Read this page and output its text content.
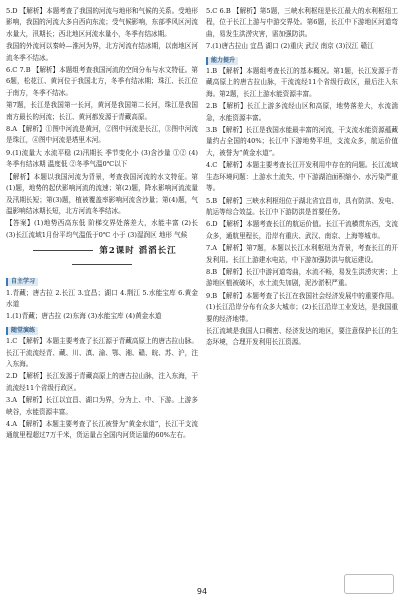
5.D 【解析】本题考查了我国的河流与地形和气候的关系。受地形影响，我国的河流大多自西向东流；受气候影响，东部季风区河流水量大，汛期长；西北地区河流水量小，冬季有结冰期。

我国的外流河以秦岭—淮河为界，北方河流有结冰期，以南地区河流冬季不结冰。

6.C 7.B 【解析】本题组考查我国河流的空间分布与水文特征。第6题，松花江、黄河位于我国北方，冬季有结冰期；珠江、长江位于南方，冬季不结冰。

第7题，长江是我国第一长河，黄河是我国第二长河，珠江是我国南方最长的河流；长江、黄河都发源于青藏高原。

8.A 【解析】①图中河流是黄河，②图中河流是长江，③图中河流是珠江，④图中河流是塔里木河。

9.(1)流量大 水流平稳 (2)汛期长 季节变化小 (3)含沙量 ①② (4)冬季有结冰期 温度低 ②冬季气温0℃以下

【解析】本题以我国河流为背景，考查我国河流的水文特征。第(1)题，地势的起伏影响河流的流速；第(2)题，降水影响河流流量及汛期长短；第(3)题，植被覆盖率影响河流含沙量；第(4)题，气温影响结冰期长短，北方河流冬季结冰。

【答案】(1)地势西高东低 阶梯交界处落差大，水能丰富 (2)长 (3)长江流域1月份平均气温低于0℃ 小于 (3)湿润区 地形 气候

第2课时 滔滔长江
自主学习

1.青藏；唐古拉 2.长江 3.宜昌；湖口 4.荆江 5.水能宝库 6.黄金水道

1.(1)青藏；唐古拉 (2)东海 (3)水能宝库 (4)黄金水道

随堂演练

1.C 【解析】本题主要考查了长江源于青藏高原上的唐古拉山脉。长江干流流经青、藏、川、滇、渝、鄂、湘、赣、皖、苏、沪，注入东海。

2.D 【解析】长江发源于青藏高原上的唐古拉山脉，注入东海，干流流经11个省级行政区。

3.A 【解析】长江以宜昌、湖口为界，分为上、中、下游。上游多峡谷，水能资源丰富。

4.A 【解析】本题主要考查了长江被誉为“黄金水道”，长江干支流通航里程超过7万千米，货运量占全国内河货运量的60%左右。

5.C 6.B 【解析】第5题，三峡水利枢纽是长江最大的水利枢纽工程，位于长江上游与中游交界处。第6题，长江中下游地区河道弯曲，易发生洪涝灾害，需加强防洪。

7.(1)唐古拉山 宜昌 湖口 (2)重庆 武汉 南京 (3)汉江 赣江

能力提升

1.B 【解析】本题组考查长江的基本概况。第1题，长江发源于青藏高原上的唐古拉山脉，干流流经11个省级行政区，最后注入东海。第2题，长江上游水能资源丰富。

2.B 【解析】长江上游多流经山区和高原，地势落差大，水流湍急，水能资源丰富。

3.B 【解析】长江是我国水能最丰富的河流，干支流水能资源蕴藏量约占全国的40%；长江中下游地势平坦，支流众多，航运价值大，被誉为“黄金水道”。

4.C 【解析】本题主要考查长江开发利用中存在的问题。长江流域生态环境问题：上游水土流失、中下游湖泊面积缩小、水污染严重等。

5.B 【解析】三峡水利枢纽位于湖北省宜昌市，具有防洪、发电、航运等综合效益。长江中下游防洪是首要任务。

6.D 【解析】本题考查长江的航运价值。长江干流横贯东西，支流众多，通航里程长，沿岸有重庆、武汉、南京、上海等城市。

7.A 【解析】第7题，本题以长江水利枢纽为背景，考查长江的开发利用。长江上游建水电站，中下游加强防洪与航运建设。

8.B 【解析】长江中游河道弯曲，水流不畅，易发生洪涝灾害；上游地区植被破坏，水土流失加剧，泥沙淤积严重。

9.B 【解析】本题考查了长江在我国社会经济发展中的重要作用。(1)长江沿岸分布有众多大城市；(2)长江沿岸工业发达，是我国重要的经济地带。

长江流域是我国人口稠密、经济发达的地区，要注意保护长江的生态环境，合理开发利用长江资源。

94
